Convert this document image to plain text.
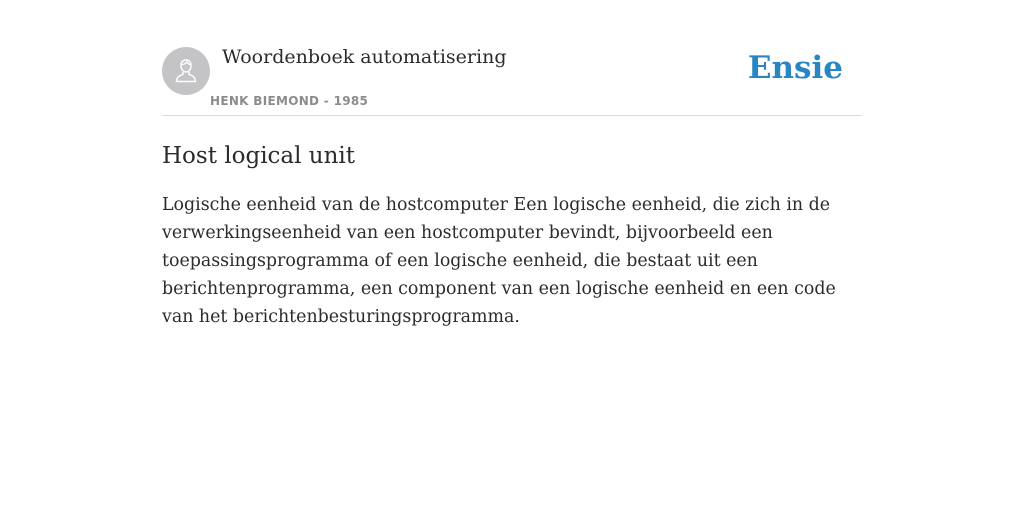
Woordenboek automatisering
HENK BIEMOND - 1985
Ensie
Host logical unit

Logische eenheid van de hostcomputer Een logische eenheid, die zich in de verwerkingseenheid van een hostcomputer bevindt, bijvoorbeeld een toepassingsprogramma of een logische eenheid, die bestaat uit een berichtenprogramma, een component van een logische eenheid en een code van het berichtenbesturingsprogramma.
